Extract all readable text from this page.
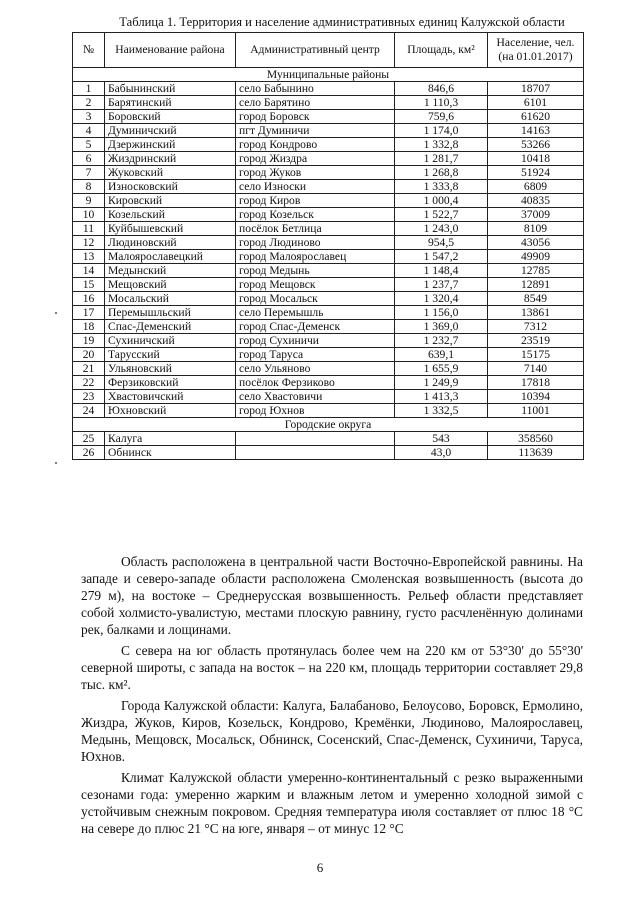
Таблица 1. Территория и население административных единиц Калужской области
№	Наименование района	Административный центр	Площадь, км²	Население, чел.
(на 01.01.2017)
Муниципальные районы				
1	Бабынинский	село Бабынино	846,6	18707
2	Барятинский	село Барятино	1 110,3	6101
3	Боровский	город Боровск	759,6	61620
4	Думиничский	пгт Думиничи	1 174,0	14163
5	Дзержинский	город Кондрово	1 332,8	53266
6	Жиздринский	город Жиздра	1 281,7	10418
7	Жуковский	город Жуков	1 268,8	51924
8	Износковский	село Износки	1 333,8	6809
9	Кировский	город Киров	1 000,4	40835
10	Козельский	город Козельск	1 522,7	37009
11	Куйбышевский	посёлок Бетлица	1 243,0	8109
12	Людиновский	город Людиново	954,5	43056
13	Малоярославецкий	город Малоярославец	1 547,2	49909
14	Медынский	город Медынь	1 148,4	12785
15	Мещовский	город Мещовск	1 237,7	12891
16	Мосальский	город Мосальск	1 320,4	8549
17	Перемышльский	село Перемышль	1 156,0	13861
18	Спас-Деменский	город Спас-Деменск	1 369,0	7312
19	Сухиничский	город Сухиничи	1 232,7	23519
20	Тарусский	город Таруса	639,1	15175
21	Ульяновский	село Ульяново	1 655,9	7140
22	Ферзиковский	посёлок Ферзиково	1 249,9	17818
23	Хвастовичский	село Хвастовичи	1 413,3	10394
24	Юхновский	город Юхнов	1 332,5	11001
Городские округа				
25	Калуга		543	358560
26	Обнинск		43,0	113639

Область расположена в центральной части Восточно-Европейской равнины. На западе и северо-западе области расположена Смоленская возвышенность (высота до 279 м), на востоке – Среднерусская возвышенность. Рельеф области представляет собой холмисто-увалистую, местами плоскую равнину, густо расчленённую долинами рек, балками и лощинами.

С севера на юг область протянулась более чем на 220 км от 53°30' до 55°30' северной широты, с запада на восток – на 220 км, площадь территории составляет 29,8 тыс. км².

Города Калужской области: Калуга, Балабаново, Белоусово, Боровск, Ермолино, Жиздра, Жуков, Киров, Козельск, Кондрово, Кремёнки, Людиново, Малоярославец, Медынь, Мещовск, Мосальск, Обнинск, Сосенский, Спас-Деменск, Сухиничи, Таруса, Юхнов.

Климат Калужской области умеренно-континентальный с резко выраженными сезонами года: умеренно жарким и влажным летом и умеренно холодной зимой с устойчивым снежным покровом. Средняя температура июля составляет от плюс 18 °С на севере до плюс 21 °С на юге, января – от минус 12 °С

6
